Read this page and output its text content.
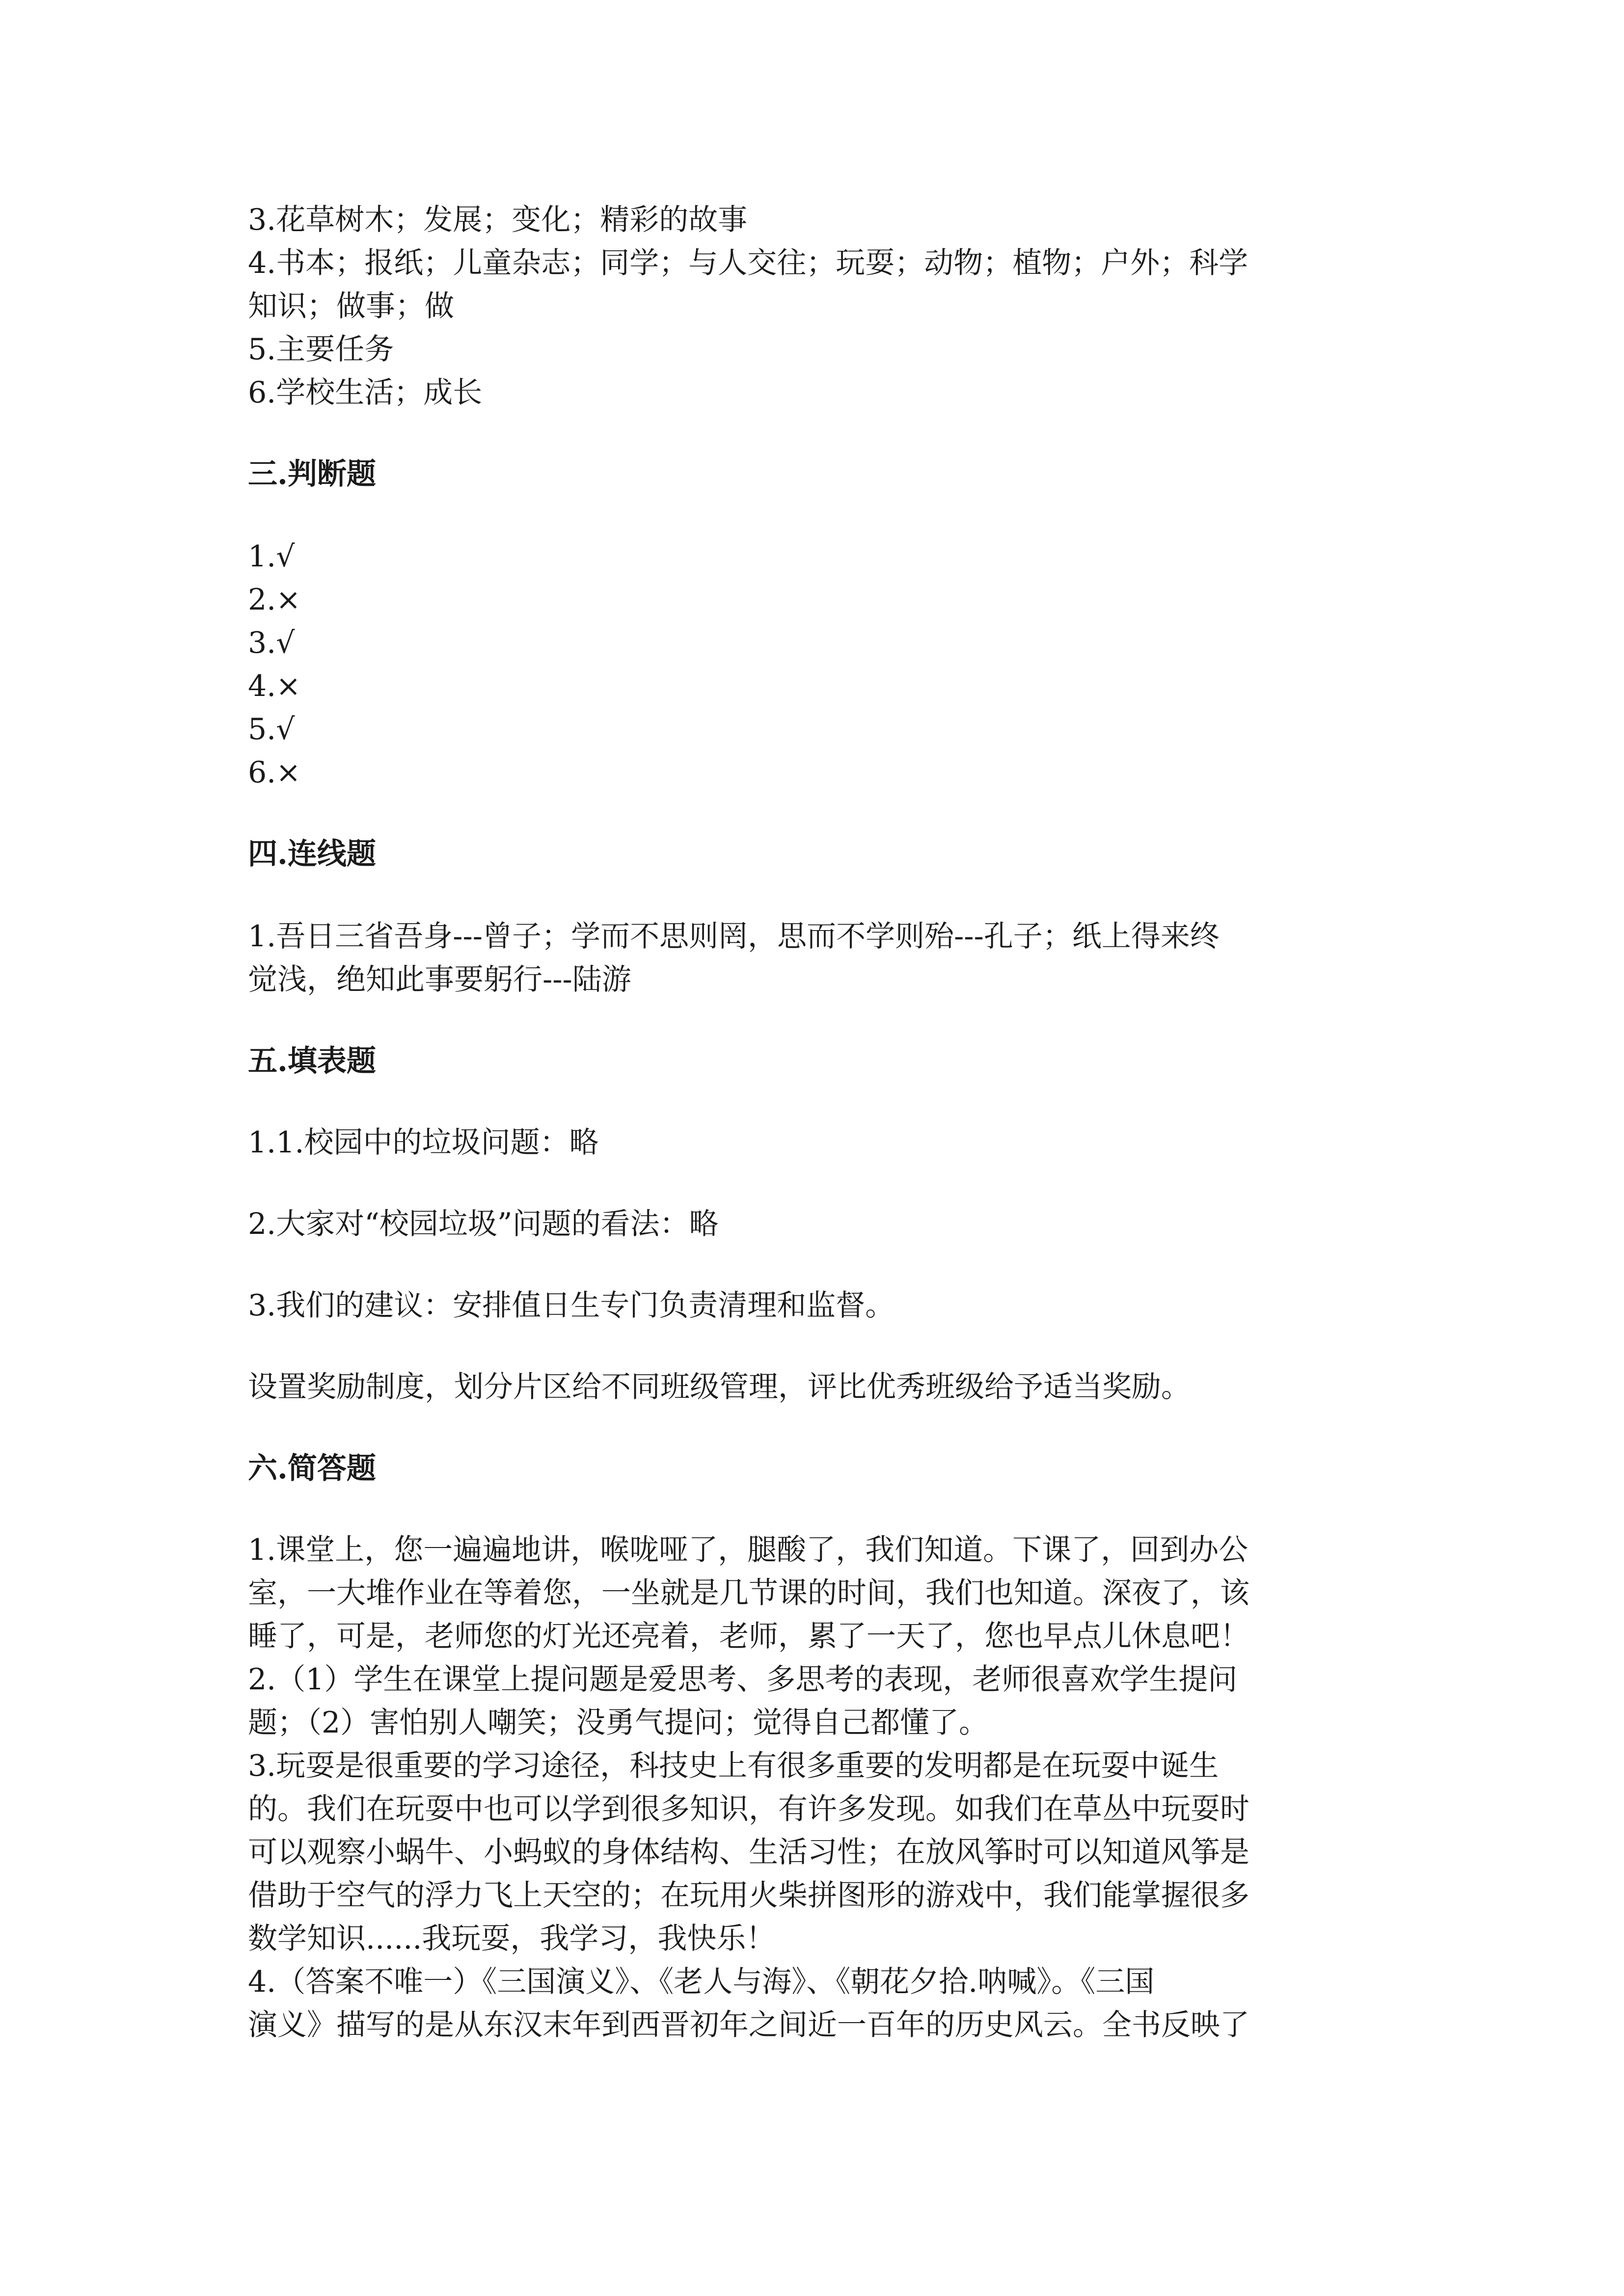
3.花草树木；发展；变化；精彩的故事

4.书本；报纸；儿童杂志；同学；与人交往；玩耍；动物；植物；户外；科学

知识；做事；做

5.主要任务

6.学校生活；成长

三.判断题

1.√

2.×

3.√

4.×

5.√

6.×

四.连线题

1.吾日三省吾身---曾子；学而不思则罔，思而不学则殆---孔子；纸上得来终

觉浅，绝知此事要躬行---陆游

五.填表题

1.1.校园中的垃圾问题：略

2.大家对“校园垃圾”问题的看法：略

3.我们的建议：安排值日生专门负责清理和监督。

设置奖励制度，划分片区给不同班级管理，评比优秀班级给予适当奖励。

六.简答题

1.课堂上，您一遍遍地讲，喉咙哑了，腿酸了，我们知道。下课了，回到办公

室，一大堆作业在等着您，一坐就是几节课的时间，我们也知道。深夜了，该

睡了，可是，老师您的灯光还亮着，老师，累了一天了，您也早点儿休息吧！

2.（1）学生在课堂上提问题是爱思考、多思考的表现，老师很喜欢学生提问

题；（2）害怕别人嘲笑；没勇气提问；觉得自己都懂了。

3.玩耍是很重要的学习途径，科技史上有很多重要的发明都是在玩耍中诞生

的。我们在玩耍中也可以学到很多知识，有许多发现。如我们在草丛中玩耍时

可以观察小蜗牛、小蚂蚁的身体结构、生活习性；在放风筝时可以知道风筝是

借助于空气的浮力飞上天空的；在玩用火柴拼图形的游戏中，我们能掌握很多

数学知识......我玩耍，我学习，我快乐！

4.（答案不唯一）《三国演义》、《老人与海》、《朝花夕拾.呐喊》。《三国

演义》描写的是从东汉末年到西晋初年之间近一百年的历史风云。全书反映了
